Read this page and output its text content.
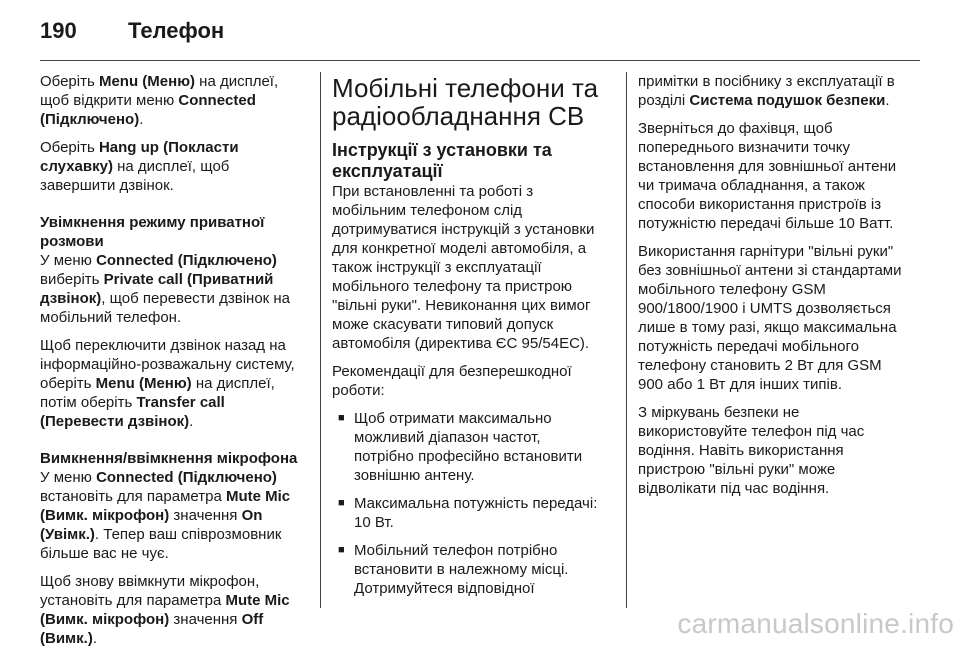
190	Телефон

Оберіть Menu (Меню) на дисплеї, щоб відкрити меню Connected (Підключено).

Оберіть Hang up (Покласти слухавку) на дисплеї, щоб завершити дзвінок.

Увімкнення режиму приватної розмови

У меню Connected (Підключено) виберіть Private call (Приватний дзвінок), щоб перевести дзвінок на мобільний телефон.

Щоб переключити дзвінок назад на інформаційно-розважальну систему, оберіть Menu (Меню) на дисплеї, потім оберіть Transfer call (Перевести дзвінок).

Вимкнення/ввімкнення мікрофона

У меню Connected (Підключено) встановіть для параметра Mute Mic (Вимк. мікрофон) значення On (Увімк.). Тепер ваш співрозмовник більше вас не чує.

Щоб знову ввімкнути мікрофон, установіть для параметра Mute Mic (Вимк. мікрофон) значення Off (Вимк.).

Мобільні телефони та радіообладнання СВ
Інструкції з установки та експлуатації

При встановленні та роботі з мобільним телефоном слід дотримуватися інструкцій з установки для конкретної моделі автомобіля, а також інструкції з експлуатації мобільного телефону та пристрою "вільні руки". Невиконання цих вимог може скасувати типовий допуск автомобіля (директива ЄС 95/54EC).

Рекомендації для безперешкодної роботи:

■ Щоб отримати максимально можливий діапазон частот, потрібно професійно встановити зовнішню антену.
■ Максимальна потужність передачі: 10 Вт.
■ Мобільний телефон потрібно встановити в належному місці. Дотримуйтеся відповідної

примітки в посібнику з експлуатації в розділі Система подушок безпеки.

Зверніться до фахівця, щоб попереднього визначити точку встановлення для зовнішньої антени чи тримача обладнання, а також способи використання пристроїв із потужністю передачі більше 10 Ватт.

Використання гарнітури "вільні руки" без зовнішньої антени зі стандартами мобільного телефону GSM 900/1800/1900 і UMTS дозволяється лише в тому разі, якщо максимальна потужність передачі мобільного телефону становить 2 Вт для GSM 900 або 1 Вт для інших типів.

З міркувань безпеки не використовуйте телефон під час водіння. Навіть використання пристрою "вільні руки" може відволікати під час водіння.

carmanualsonline.info
